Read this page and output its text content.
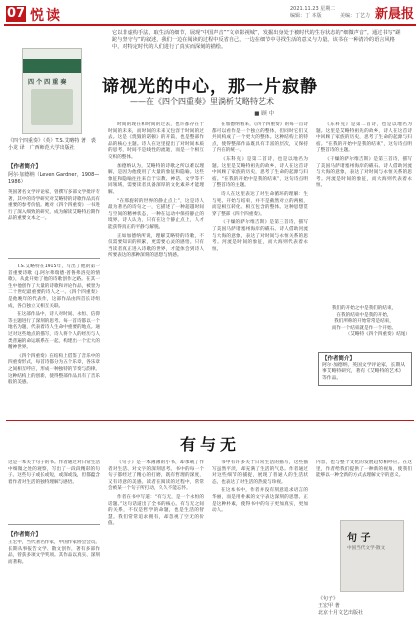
07 悦读	2021.11.23 星期二
编辑：丁 本版	美编：丁艺力 新晨报
四 个 四 重 奏
《四个四重奏》（英）T.S.艾略特 著　裘小龙 译　广西师范大学出版社
它以非虚构手法，取生活的细节，展现“中国声音”“文章影视城”，发掘出身处于被时代的生存状态的“细微声音”。通过书写“蹉跎与坚守与”的叙述，我们一边在阅读的过程中反省自己，一边在细节中寻找生活的意义与力量。该书在一种清冷的语言风格中，对特定时代的人们进行了真实而深刻的描绘。
谛视光的中心，那一片寂静
——在《四个四重奏》里淌析艾略特艺术
■ 顾 中
【作者简介】
阿尔·加德纳（Leven Gardner，1908—1986）
英国著名文学评论家，曾撰写多部文学批评专著，其中的诗学研究对艾略特的诗歌作品具有重要的参考价值。她对《四个四重奏》一书进行了深入细致的研究，成为解读艾略特后期作品的重要文本之一。

T.S.艾略特在1915年，写出了他的第一首重要诗歌《J.阿尔弗瑞德·普鲁弗洛克的情歌》，从此开始了他的诗歌创作之路。在其一生中他创作了大量的诗歌和评论作品，被誉为二十世纪最重要的诗人之一。《四个四重奏》是他晚年的代表作，这部作品由四首长诗组成，各自独立又相互关联。

在这部作品中，诗人对时间、永恒、信仰等主题进行了深刻的思考。每一首诗都以一个地名为题，代表着诗人生命中重要的地点。通过对这些地点的描写，诗人将个人的经历与人类普遍的命运联系在一起，构建出一个宏大的精神世界。

《四个四重奏》在结构上借鉴了音乐中的四重奏形式，每首诗都分为五个乐章，各乐章之间相互呼应，形成一种独特的节奏与韵律。这种结构上的创新，使得整部作品具有了音乐般的美感。

时间的现在和时间的过去，也许都存在于时间的未来，而时间的未来又包容于时间的过去。这是《烧毁的诺顿》的开篇，也是整部作品的核心主题。诗人在这里提出了对时间本质的思考，时间不是线性的流逝，而是一个相互交织的整体。

加德纳认为，艾略特的诗歌之所以难以理解，是因为他使用了大量的象征和隐喻。这些象征和隐喻往往来自于宗教、神话、文学等不同领域，需要读者具备深厚的文化素养才能理解。

“在那旋转的世界的静止点上”，这是诗人最为著名的诗句之一，它描述了一种超越时间与空间的精神状态，一种在运动中保持静止的境界。诗人认为，只有在这个静止点上，人才能获得真正的平静与解脱。

正如加德纳所说，理解艾略特的诗歌，不仅需要知识的积累，更需要心灵的感悟。只有当读者真正进入诗歌的世界，才能体会到诗人所要表达的那种深刻的思想与情感。

在加德纳看来，《四个四重奏》的每一首诗都可以看作是一个独立的整体，但同时它们又共同构成了一个更大的整体。这种结构上的特点，使得整部作品既具有丰富的层次，又保持了内在的统一。

《东科克》是第二首诗，也是以地名为题。这里是艾略特祖先的故乡，诗人在这首诗中回顾了家族的历史，思考了生命的起源与归宿。“在我的开始中是我的结束”，这句诗点明了整首诗的主题。

诗人在这里表达了对生命循环的理解：生与死、开始与结束，并不是截然对立的两极，而是相互转化、相互包含的整体。这种思想贯穿了整部《四个四重奏》。

《干燥的萨尔维吉斯》是第三首诗，描写了美国马萨诸塞州海岸的礁石。诗人借助河流与大海的意象，表达了对时间与永恒关系的思考。河流是时间的象征，而大海则代表着永恒。

《东科克》是第二首诗，也是以地名为题。这里是艾略特祖先的故乡，诗人在这首诗中回顾了家族的历史，思考了生命的起源与归宿。“在我的开始中是我的结束”，这句诗点明了整首诗的主题。

《干燥的萨尔维吉斯》是第三首诗，描写了美国马萨诸塞州海岸的礁石。诗人借助河流与大海的意象，表达了对时间与永恒关系的思考。河流是时间的象征，而大海则代表着永恒。

我们的开始之中是我们的结束，
在我的结束中是我的开始，
我们所称的开始常常是结束，
而作一个结束就是作一个开始。
（艾略特《四个四重奏》结尾）
【作者简介】
阿尔·加德纳，英国文学评论家，长期从事艾略特研究，著有《艾略特的艺术》等作品。
有与无
这是一本关于句子的书。作者通过对日常生活中细微之处的观察，写出了一段段精彩的句子。这些句子或长或短，或深或浅，但都蕴含着作者对生活的独特理解与感悟。
【作者简介】
王宏甲，当代著名作家，中国作家协会会员。长期从事报告文学、散文创作，著有多部作品，曾获多项文学奖项。其作品以真实、深刻而著称。

《句子》是一本薄薄的小书，却承载了作者对生活、对文字的深刻思考。书中的每一个句子都经过了精心的打磨，既有哲理的深度，又有诗意的美感。读者在阅读的过程中，常常会被某一个句子所打动，久久不能忘怀。

作者在书中写道：“有与无，是一个永恒的话题。”这句话道出了全书的核心。有与无之间的关系，不仅是哲学的命题，也是生活的智慧。我们常常追求拥有，却忽视了空无的价值。

书中有许多关于日常生活的描写，这些描写虽然平淡，却充满了生活的气息。作者通过对这些细节的捕捉，展现了普通人的生活状态，也表达了对生活的热爱与珍视。

在这本书中，作者并没有刻意追求语言的华丽，而是用朴素的文字表达深刻的思想。正是这种朴素，使得书中的句子更加真实，更加动人。

内容，也与整个文化的发展趋势相呼应。在这里，作者给我们提供了一种新的视角，使我们能够以一种全新的方式去理解文字的意义。
句 子
中国当代文学·散文
《句子》
王宏甲 著
北京十月文艺出版社
